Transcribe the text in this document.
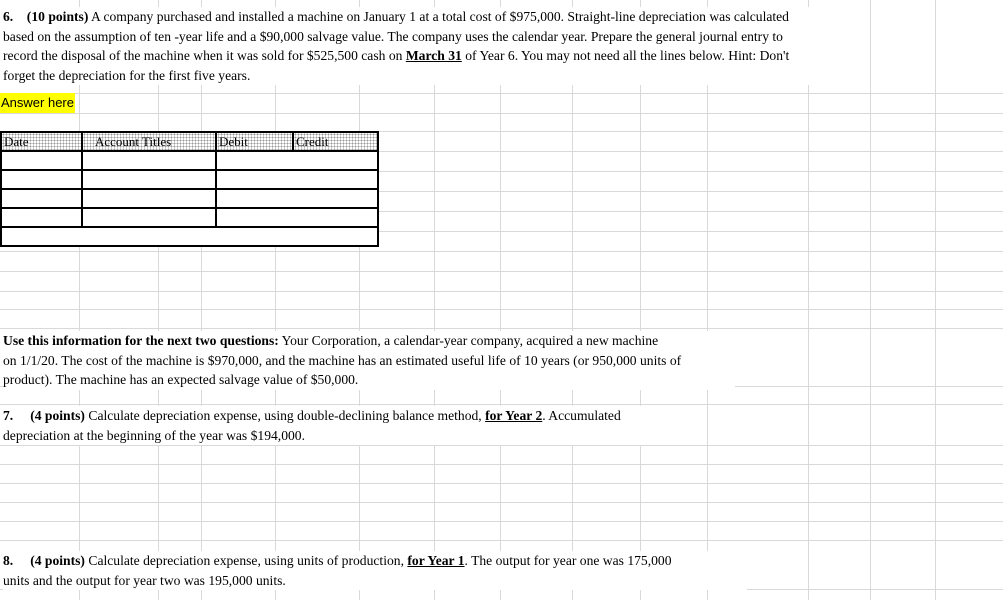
6. (10 points) A company purchased and installed a machine on January 1 at a total cost of $975,000. Straight-line depreciation was calculated
based on the assumption of ten -year life and a $90,000 salvage value. The company uses the calendar year. Prepare the general journal entry to
record the disposal of the machine when it was sold for $525,500 cash on March 31 of Year 6. You may not need all the lines below. Hint: Don't
forget the depreciation for the first five years.
Answer here
Date	Account Titles	Debit	Credit

Use this information for the next two questions: Your Corporation, a calendar-year company, acquired a new machine
on 1/1/20. The cost of the machine is $970,000, and the machine has an estimated useful life of 10 years (or 950,000 units of
product). The machine has an expected salvage value of $50,000.
7. (4 points) Calculate depreciation expense, using double-declining balance method, for Year 2. Accumulated
depreciation at the beginning of the year was $194,000.
8. (4 points) Calculate depreciation expense, using units of production, for Year 1. The output for year one was 175,000
units and the output for year two was 195,000 units.
